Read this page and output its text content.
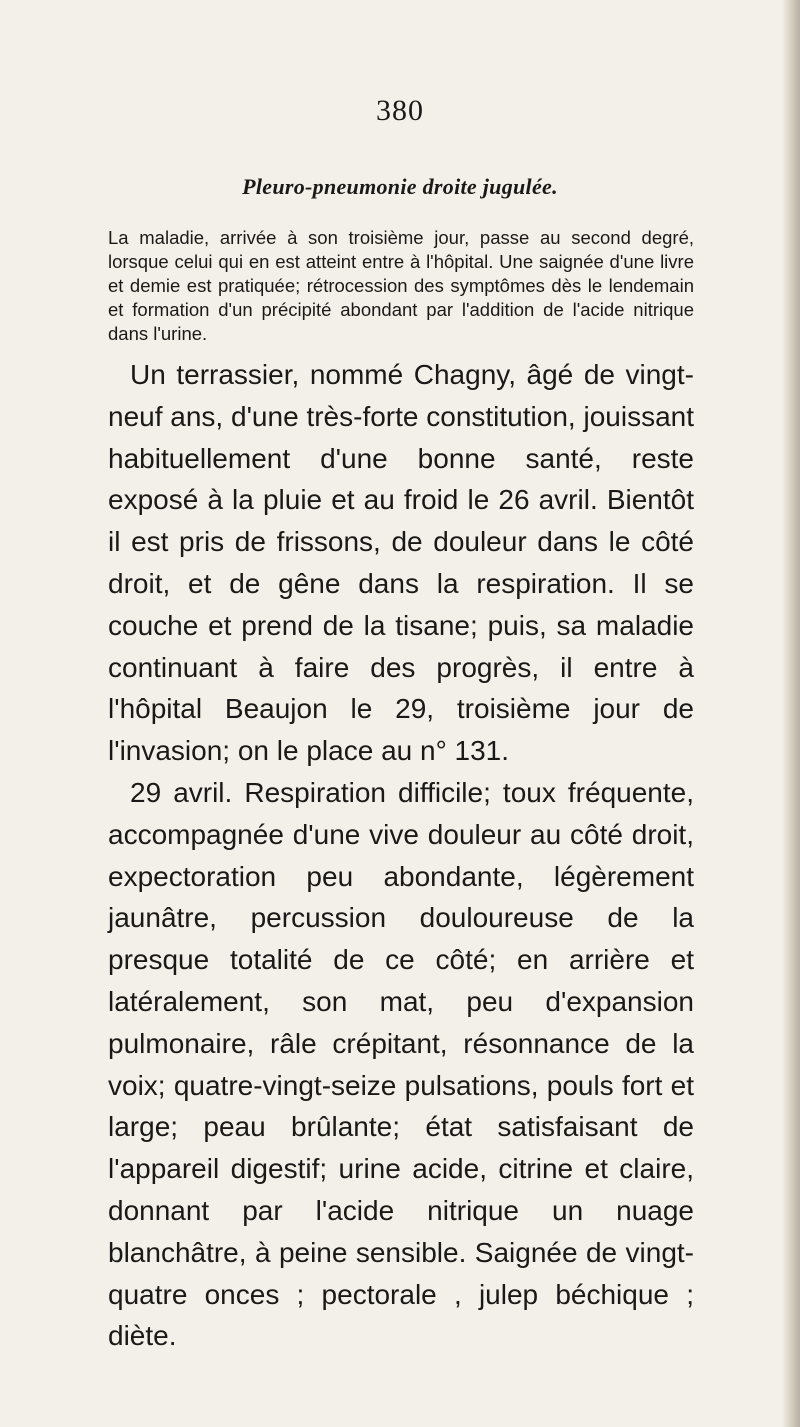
380
Pleuro-pneumonie droite jugulée.
La maladie, arrivée à son troisième jour, passe au second degré, lorsque celui qui en est atteint entre à l'hôpital. Une saignée d'une livre et demie est pratiquée; rétrocession des symptômes dès le lendemain et formation d'un précipité abondant par l'addition de l'acide nitrique dans l'urine.

Un terrassier, nommé Chagny, âgé de vingt-neuf ans, d'une très-forte constitution, jouissant habituellement d'une bonne santé, reste exposé à la pluie et au froid le 26 avril. Bientôt il est pris de frissons, de douleur dans le côté droit, et de gêne dans la respiration. Il se couche et prend de la tisane; puis, sa maladie continuant à faire des progrès, il entre à l'hôpital Beaujon le 29, troisième jour de l'invasion; on le place au n° 131.

29 avril. Respiration difficile; toux fréquente, accompagnée d'une vive douleur au côté droit, expectoration peu abondante, légèrement jaunâtre, percussion douloureuse de la presque totalité de ce côté; en arrière et latéralement, son mat, peu d'expansion pulmonaire, râle crépitant, résonnance de la voix; quatre-vingt-seize pulsations, pouls fort et large; peau brûlante; état satisfaisant de l'appareil digestif; urine acide, citrine et claire, donnant par l'acide nitrique un nuage blanchâtre, à peine sensible. Saignée de vingt-quatre onces ; pectorale , julep béchique ; diète.
